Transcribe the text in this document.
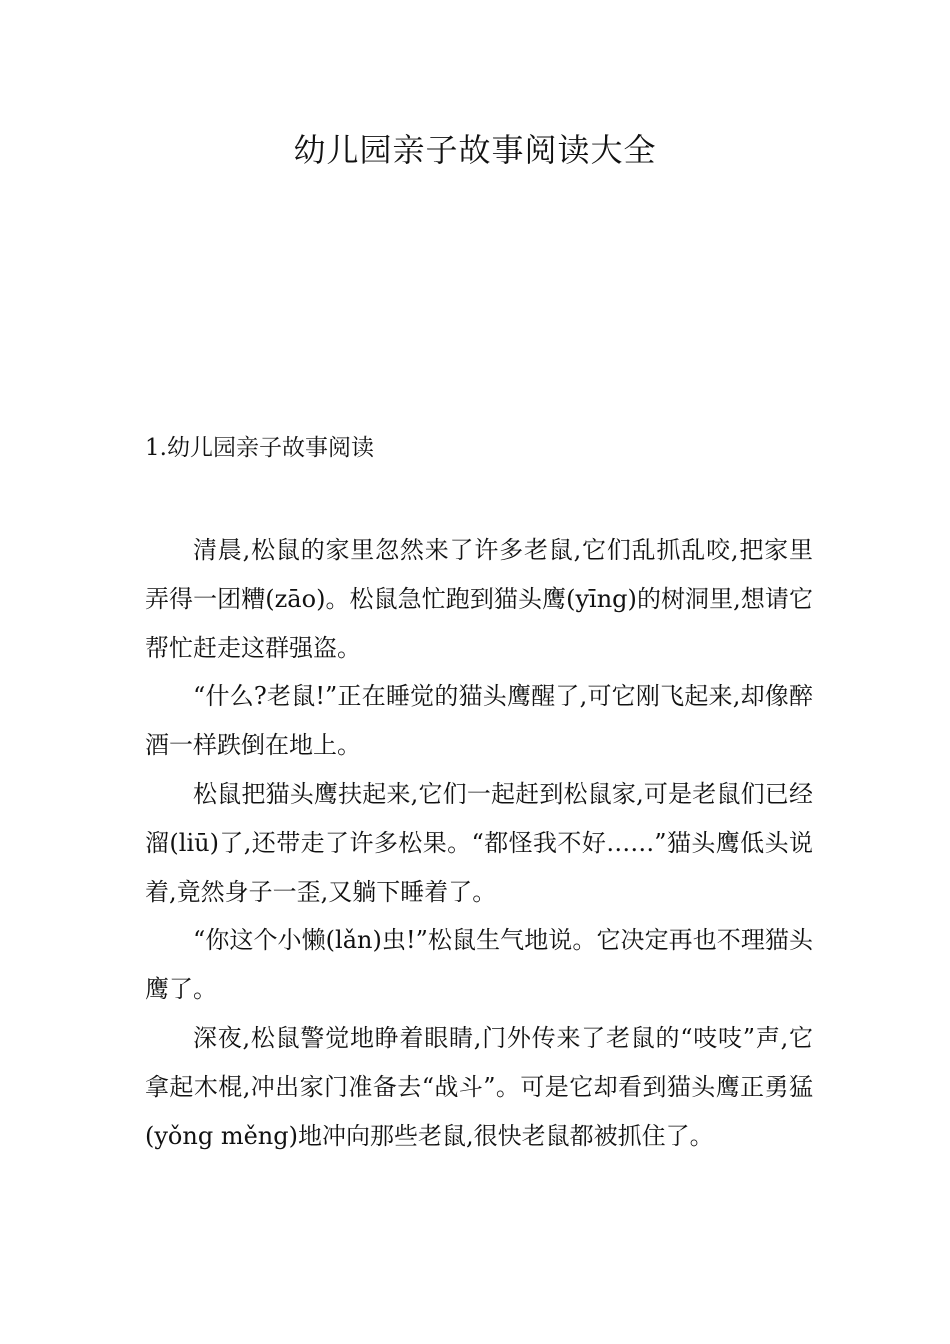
幼儿园亲子故事阅读大全
1.幼儿园亲子故事阅读

清晨,松鼠的家里忽然来了许多老鼠,它们乱抓乱咬,把家里弄得一团糟(zāo)。松鼠急忙跑到猫头鹰(yīng)的树洞里,想请它帮忙赶走这群强盗。

“什么?老鼠!”正在睡觉的猫头鹰醒了,可它刚飞起来,却像醉酒一样跌倒在地上。

松鼠把猫头鹰扶起来,它们一起赶到松鼠家,可是老鼠们已经溜(liū)了,还带走了许多松果。“都怪我不好……”猫头鹰低头说着,竟然身子一歪,又躺下睡着了。

“你这个小懒(lǎn)虫!”松鼠生气地说。它决定再也不理猫头鹰了。

深夜,松鼠警觉地睁着眼睛,门外传来了老鼠的“吱吱”声,它拿起木棍,冲出家门准备去“战斗”。可是它却看到猫头鹰正勇猛(yǒng měng)地冲向那些老鼠,很快老鼠都被抓住了。
